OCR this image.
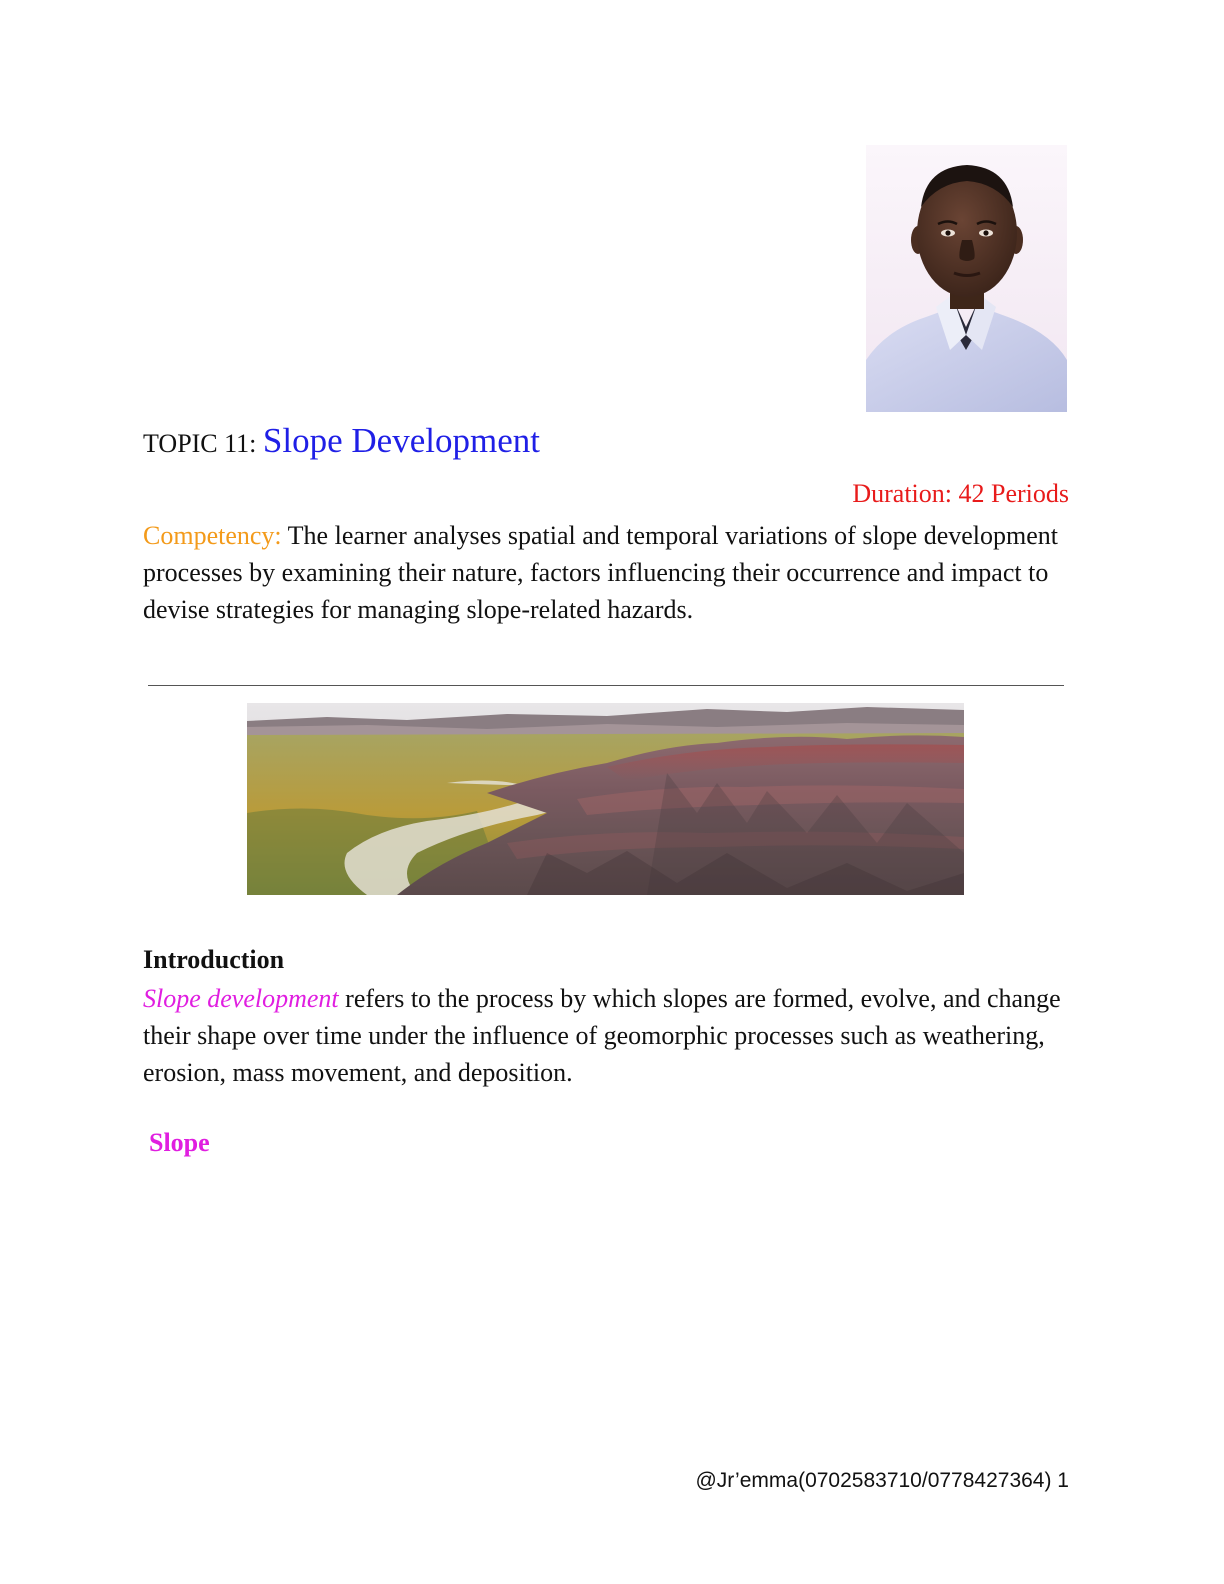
TOPIC 11: Slope Development
Duration: 42 Periods

Competency: The learner analyses spatial and temporal variations of slope development processes by examining their nature, factors influencing their occurrence and impact to devise strategies for managing slope-related hazards.

Introduction

Slope development refers to the process by which slopes are formed, evolve, and change their shape over time under the influence of geomorphic processes such as weathering, erosion, mass movement, and deposition.

Slope
@Jr’emma(0702583710/0778427364) 1
